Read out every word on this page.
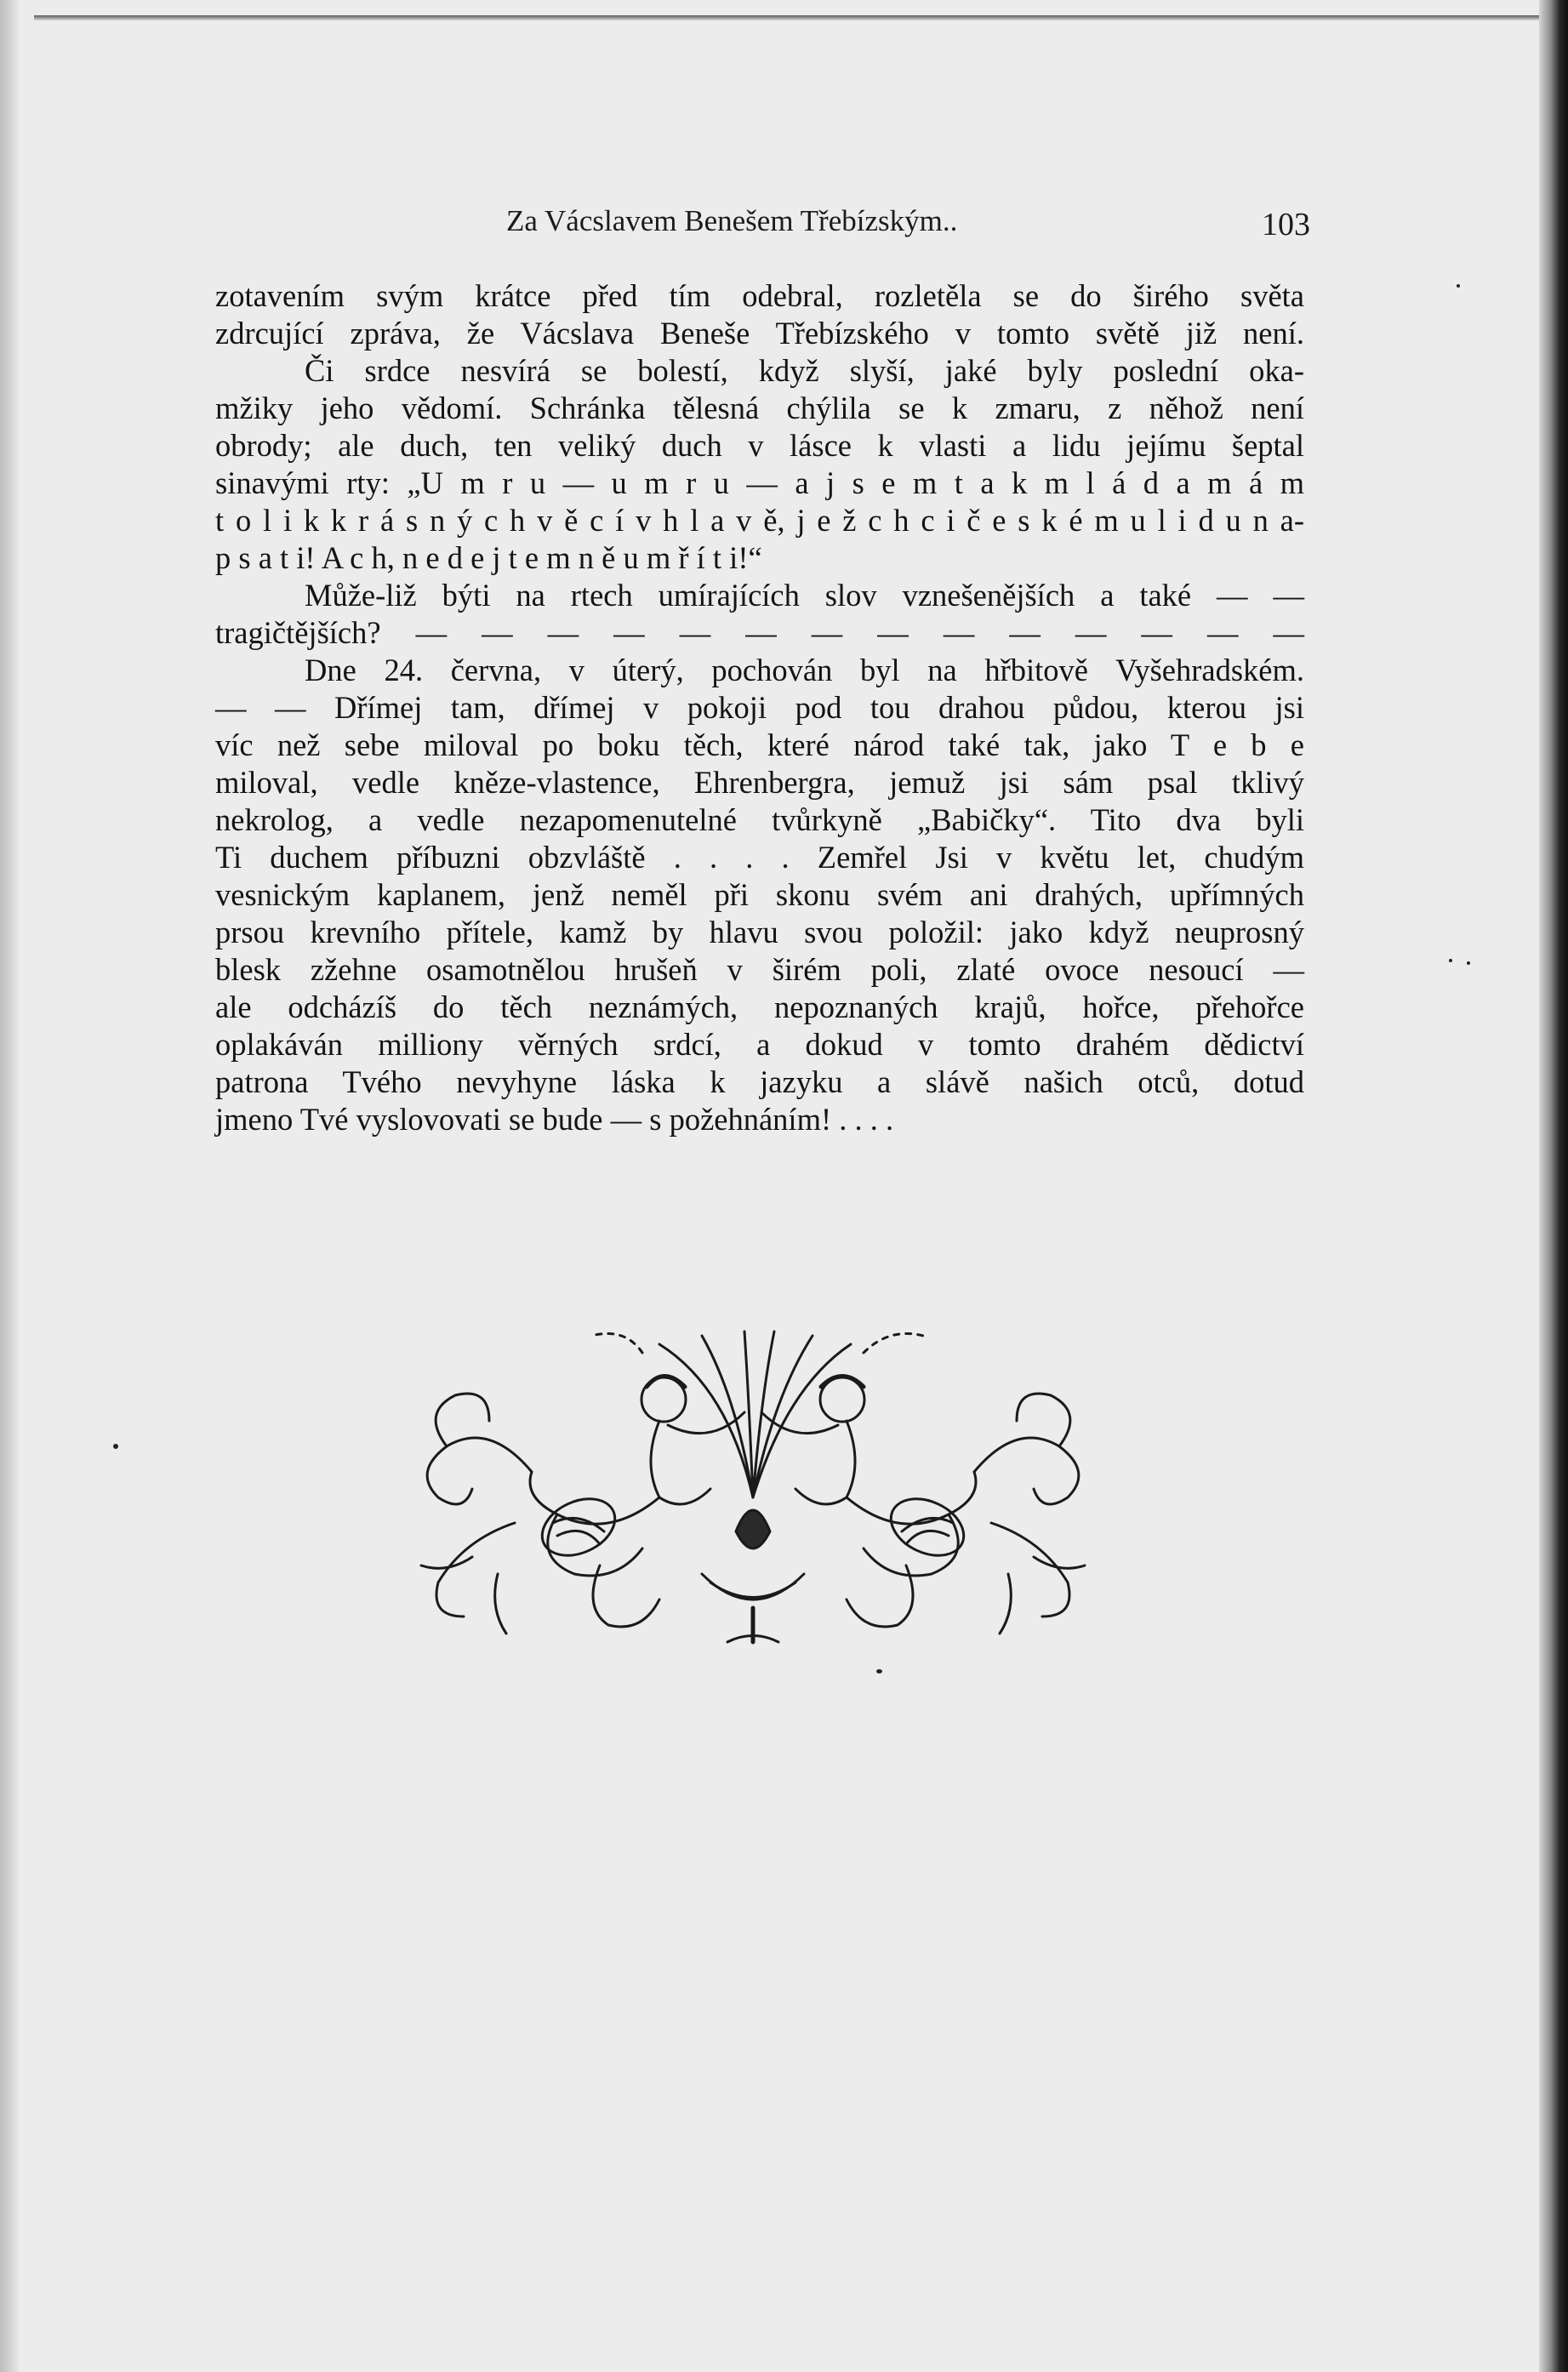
Za Vácslavem Benešem Třebízským..	103
zotavením svým krátce před tím odebral, rozletěla se do širého světa
zdrcující zpráva, že Vácslava Beneše Třebízského v tomto světě již není.
Či srdce nesvírá se bolestí, když slyší, jaké byly poslední oka-
mžiky jeho vědomí. Schránka tělesná chýlila se k zmaru, z něhož není
obrody; ale duch, ten veliký duch v lásce k vlasti a lidu jejímu šeptal
sinavými rty: „U m r u — u m r u — a j s e m t a k m l á d a m á m
t o l i k k r á s n ý c h v ě c í v h l a v ě, j e ž c h c i č e s k é m u l i d u n a-
p s a t i! A c h, n e d e j t e m n ě u m ř í t i!“
Může-liž býti na rtech umírajících slov vznešenějších a také — —
tragičtějších? — — — — — — — — — — — — — —
Dne 24. června, v úterý, pochován byl na hřbitově Vyšehradském.
— — Dřímej tam, dřímej v pokoji pod tou drahou půdou, kterou jsi
víc než sebe miloval po boku těch, které národ také tak, jako T e b e
miloval, vedle kněze-vlastence, Ehrenbergra, jemuž jsi sám psal tklivý
nekrolog, a vedle nezapomenutelné tvůrkyně „Babičky“. Tito dva byli
Ti duchem příbuzni obzvláště . . . . Zemřel Jsi v květu let, chudým
vesnickým kaplanem, jenž neměl při skonu svém ani drahých, upřímných
prsou krevního přítele, kamž by hlavu svou položil: jako když neuprosný
blesk zžehne osamotnělou hrušeň v širém poli, zlaté ovoce nesoucí —
ale odcházíš do těch neznámých, nepoznaných krajů, hořce, přehořce
oplakáván milliony věrných srdcí, a dokud v tomto drahém dědictví
patrona Tvého nevyhyne láska k jazyku a slávě našich otců, dotud
jmeno Tvé vyslovovati se bude — s požehnáním! . . . .
